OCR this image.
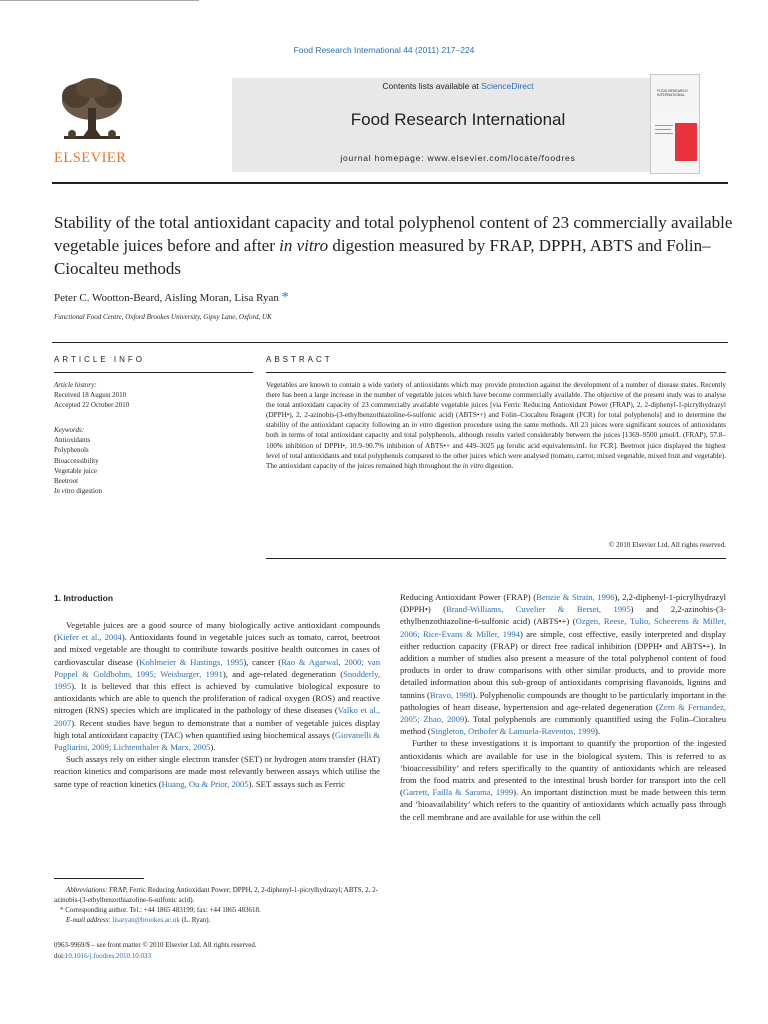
Food Research International 44 (2011) 217–224
ELSEVIER
Contents lists available at ScienceDirect
Food Research International
journal homepage: www.elsevier.com/locate/foodres
FOOD RESEARCH INTERNATIONAL
Stability of the total antioxidant capacity and total polyphenol content of 23 commercially available vegetable juices before and after in vitro digestion measured by FRAP, DPPH, ABTS and Folin–Ciocalteu methods
Peter C. Wootton-Beard, Aisling Moran, Lisa Ryan *
Functional Food Centre, Oxford Brookes University, Gipsy Lane, Oxford, UK
ARTICLE INFO	ABSTRACT
Article history:
Received 18 August 2010
Accepted 22 October 2010
Keywords:
Antioxidants
Polyphenols
Bioaccessibility
Vegetable juice
Beetroot
In vitro digestion
Vegetables are known to contain a wide variety of antioxidants which may provide protection against the development of a number of disease states. Recently there has been a large increase in the number of vegetable juices which have become commercially available. The objective of the present study was to analyse the total antioxidant capacity of 23 commercially available vegetable juices [via Ferric Reducing Antioxidant Power (FRAP), 2, 2-diphenyl-1-picrylhydrazyl (DPPH•), 2, 2-azinobis-(3-ethylbenzothiazoline-6-sulfonic acid) (ABTS•+) and Folin–Ciocalteu Reagent (FCR) for total polyphenols] and to determine the stability of the antioxidant capacity following an in vitro digestion procedure using the same methods. All 23 juices were significant sources of antioxidants both in terms of total antioxidant capacity and total polyphenols, although results varied considerably between the juices [1369–9500 μmol/L (FRAP), 57.8–100% inhibition of DPPH•, 10.9–90.7% inhibition of ABTS•+ and 449–3025 μg ferulic acid equivalents/mL for FCR]. Beetroot juice displayed the highest level of total antioxidants and total polyphenols compared to the other juices which were analysed (tomato, carrot, mixed vegetable, mixed fruit and vegetable). The antioxidant capacity of the juices remained high throughout the in vitro digestion.
© 2010 Elsevier Ltd. All rights reserved.
1. Introduction

Vegetable juices are a good source of many biologically active antioxidant compounds (Kiefer et al., 2004). Antioxidants found in vegetable juices such as tomato, carrot, beetroot and mixed vegetable are thought to contribute towards positive health outcomes in cases of cardiovascular disease (Kohlmeier & Hastings, 1995), cancer (Rao & Agarwal, 2000; van Poppel & Goldbohm, 1995; Weisburger, 1991), and age-related degeneration (Snodderly, 1995). It is believed that this effect is achieved by cumulative biological exposure to antioxidants which are able to quench the proliferation of radical oxygen (ROS) and reactive nitrogen (RNS) species which are implicated in the pathology of these diseases (Valko et al., 2007). Recent studies have begun to demonstrate that a number of vegetable juices display high total antioxidant capacity (TAC) when quantified using biochemical assays (Giovanelli & Pagliarini, 2009; Lichtenthaler & Marx, 2005).

Such assays rely on either single electron transfer (SET) or hydrogen atom transfer (HAT) reaction kinetics and comparisons are made most relevantly between assays which utilise the same type of reaction kinetics (Huang, Ou & Prior, 2005). SET assays such as Ferric

Reducing Antioxidant Power (FRAP) (Benzie & Strain, 1996), 2,2-diphenyl-1-picrylhydrazyl (DPPH•) (Brand-Williams, Cuvelier & Berset, 1995) and 2,2-azinobis-(3-ethylbenzothiazoline-6-sulfonic acid) (ABTS•+) (Ozgen, Reese, Tulio, Scheerens & Miller, 2006; Rice-Evans & Miller, 1994) are simple, cost effective, easily interpreted and display either reduction capacity (FRAP) or direct free radical inhibition (DPPH• and ABTS•+). In addition a number of studies also present a measure of the total polyphenol content of food products in order to draw comparisons with other similar products, and to provide more detailed information about this sub-group of antioxidants comprising flavanoids, lignins and tannins (Bravo, 1998). Polyphenolic compounds are thought to be particularly important in the pathologies of heart disease, hypertension and age-related degeneration (Zern & Fernandez, 2005; Zhao, 2009). Total polyphenols are commonly quantified using the Folin–Ciocalteu method (Singleton, Orthofer & Lamuela-Raventos, 1999).

Further to these investigations it is important to quantify the proportion of the ingested antioxidants which are available for use in the biological system. This is referred to as ‘bioaccessibility’ and refers specifically to the quantity of antioxidants which are released from the food matrix and presented to the intestinal brush border for transport into the cell (Garrett, Failla & Sarama, 1999). An important distinction must be made between this term and ‘bioavailability’ which refers to the quantity of antioxidants which actually pass through the cell membrane and are available for use within the cell

Abbreviations: FRAP, Ferric Reducing Antioxidant Power; DPPH, 2, 2-diphenyl-1-picrylhydrazyl; ABTS, 2, 2-azinobis-(3-ethylbenzothiazoline-6-sulfonic acid).

* Corresponding author. Tel.: +44 1865 483199; fax: +44 1865 483618.

E-mail address: lisaryan@brookes.ac.uk (L. Ryan).

0963-9969/$ – see front matter © 2010 Elsevier Ltd. All rights reserved.
doi:10.1016/j.foodres.2010.10.033
